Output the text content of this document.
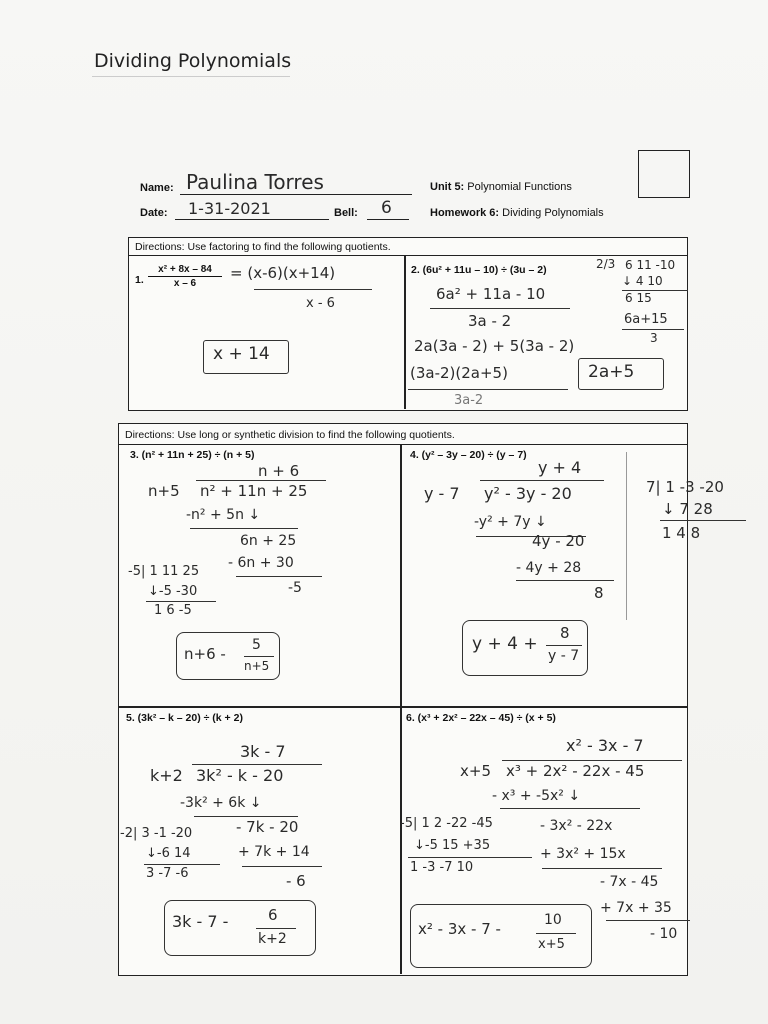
Dividing Polynomials
Name: Paulina Torres
Date: 1-31-2021	Bell: 6
Unit 5: Polynomial Functions
Homework 6: Dividing Polynomials
Directions: Use factoring to find the following quotients.
1.
x² + 8x – 84
x – 6
= (x-6)(x+14)
x - 6
x + 14
2. (6u² + 11u – 10) ÷ (3u – 2)
6a² + 11a - 10
3a - 2
2a(3a - 2) + 5(3a - 2)
(3a-2)(2a+5)
3a-2
2a+5
2/3 6 11 -10
↓ 4 10
6 15
6a+15
3
Directions: Use long or synthetic division to find the following quotients.
3. (n² + 11n + 25) ÷ (n + 5)
n + 6
n+5 n² + 11n + 25
-n² + 5n ↓
6n + 25
- 6n + 30
-5
-5| 1 11 25
↓-5 -30
1 6 -5
n+6 - 5
n+5
4. (y² – 3y – 20) ÷ (y – 7)
y + 4
y - 7 y² - 3y - 20
-y² + 7y ↓
4y - 20
- 4y + 28
8
7| 1 -3 -20
↓ 7 28
1 4 8
y + 4 +
8
y - 7
5. (3k² – k – 20) ÷ (k + 2)
3k - 7
k+2 3k² - k - 20
-3k² + 6k ↓
- 7k - 20
+ 7k + 14
- 6
-2| 3 -1 -20
↓-6 14
3 -7 -6
3k - 7 -	6
k+2
6. (x³ + 2x² – 22x – 45) ÷ (x + 5)
x² - 3x - 7
x+5 x³ + 2x² - 22x - 45
- x³ + -5x² ↓
- 3x² - 22x
+ 3x² + 15x
- 7x - 45
+ 7x + 35
- 10
-5| 1 2 -22 -45
↓-5 15 +35
1 -3 -7 10
x² - 3x - 7 -	10
x+5
